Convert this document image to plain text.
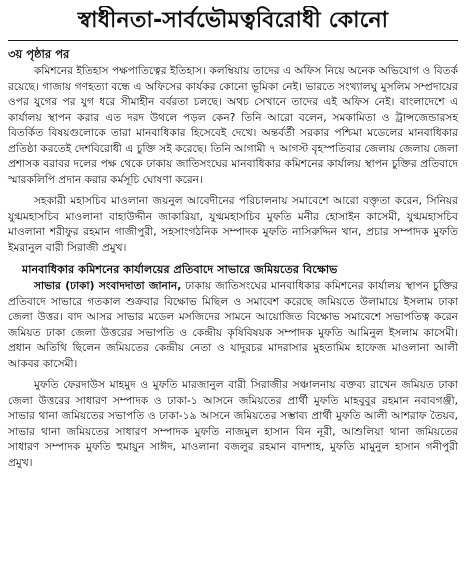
স্বাধীনতা-সার্বভৌমত্ববিরোধী কোনো
৩য় পৃষ্ঠার পর

কমিশনের ইতিহাস পক্ষপাতিত্বের ইতিহাস। কলম্বিয়ায় তাদের এ অফিস নিয়ে অনেক অভিযোগ ও বিতর্ক রয়েছে। গাজায় গণহত্যা বন্ধে এ অফিসের কার্যকর কোনো ভূমিকা নেই। ভারতে সংখ্যালঘু মুসলিম সম্প্রদায়ের ওপর যুগের পর যুগ ধরে সীমাহীন বর্বরতা চলছে। অথচ সেখানে তাদের এই অফিস নেই। বাংলাদেশে এ কার্যালয় স্থাপন করার এত দরদ উথলে পড়ল কেন? তিনি আরো বলেন, সমকামিতা ও ট্রান্সজেন্ডারসহ বিতর্কিত বিষয়গুলোকে তারা মানবাধিকার হিসেবেই দেখে। অন্তর্বর্তী সরকার পশ্চিমা মডেলের মানবাধিকার প্রতিষ্ঠা করতেই দেশবিরোধী এ চুক্তি সই করেছে। তিনি আগামী ৭ আগস্ট বৃহস্পতিবার জেলায় জেলায় জেলা প্রশাসক বরাবর দলের পক্ষ থেকে ঢাকায় জাতিসংঘের মানবাধিকার কমিশনের কার্যালয় স্থাপন চুক্তির প্রতিবাদে স্মারকলিপি প্রদান করার কর্মসূচি ঘোষণা করেন।

সহকারী মহাসচিব মাওলানা জয়নুল আবেদীনের পরিচালনায় সমাবেশে আরো বক্তৃতা করেন, সিনিয়র যুগ্মমহাসচিব মাওলানা বাহাউদ্দীন জাকারিয়া, যুগ্মমহাসচিব মুফতি মনীর হোসাইন কাসেমী, যুগ্মমহাসচিব মাওলানা শরীফুর রহমান গাজীপুরী, সহসাংগঠনিক সম্পাদক মুফতি নাসিরুদ্দিন খান, প্রচার সম্পাদক মুফতি ইমরানুল বারী সিরাজী প্রমুখ।

মানবাধিকার কমিশনের কার্যালয়ের প্রতিবাদে সাভারে জমিয়তের বিক্ষোভ

সাভার (ঢাকা) সংবাদদাতা জানান, ঢাকায় জাতিসংঘের মানবাধিকার কমিশনের কার্যালয় স্থাপন চুক্তির প্রতিবাদে সাভারে গতকাল শুক্রবার বিক্ষোভ মিছিল ও সমাবেশ করেছে জমিয়তে উলামায়ে ইসলাম ঢাকা জেলা উত্তর। বাদ আসর সাভার মডেল মসজিদের সামনে আয়োজিত বিক্ষোভ সমাবেশে সভাপতিত্ব করেন জমিয়ত ঢাকা জেলা উত্তরের সভাপতি ও কেন্দ্রীয় কৃষিবিষয়ক সম্পাদক মুফতি আমিনুল ইসলাম কাসেমী। প্রধান অতিথি ছিলেন জমিয়তের কেন্দ্রীয় নেতা ও যাদুরচর মাদরাসার মুহতামিম হাফেজ মাওলানা আলী আকবর কাসেমী।

মুফতি ফেরদাউস মাহমুদ ও মুফতি মারজানুল বারী সিরাজীর সঞ্চালনায় বক্তব্য রাখেন জমিয়ত ঢাকা জেলা উত্তরের সাধারণ সম্পাদক ও ঢাকা-১ আসনে জমিয়তের প্রার্থী মুফতি মাহবুবুর রহমান নবাবগঞ্জী, সাভার থানা জমিয়তের সভাপতি ও ঢাকা-১৯ আসনে জমিয়তের সম্ভাব্য প্রার্থী মুফতি আলী আশরাফ তৈয়ব, সাভার থানা জমিয়তের সাধারণ সম্পাদক মুফতি নাজমুল হাসান বিন নূরী, আশুলিয়া থানা জমিয়তের সাধারণ সম্পাদক মুফতি হুমায়ুন সাঈদ, মাওলানা বজলুর রহমান বাদশাহ, মুফতি মামুনুল হাসান গনীপুরী প্রমুখ।
